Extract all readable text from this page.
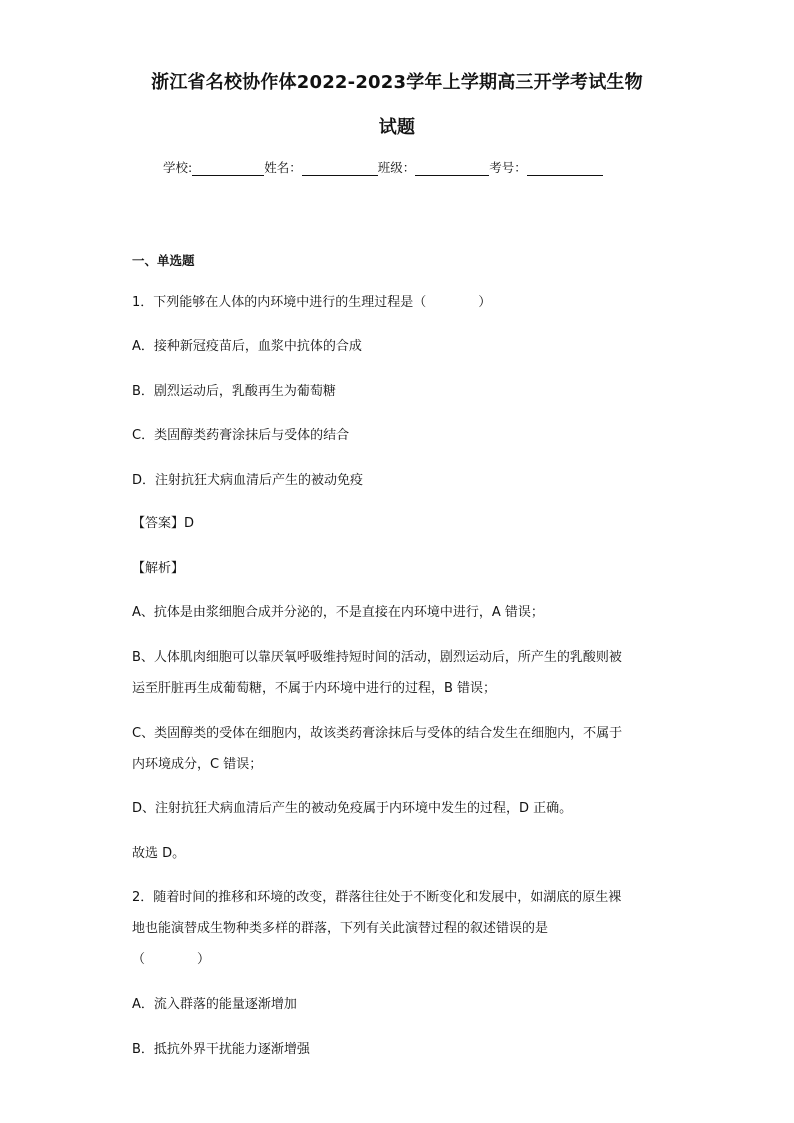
浙江省名校协作体2022-2023学年上学期高三开学考试生物
试题
学校:	姓名：	班级：	考号：
一、单选题
1．下列能够在人体的内环境中进行的生理过程是（　　　　）
A．接种新冠疫苗后，血浆中抗体的合成
B．剧烈运动后，乳酸再生为葡萄糖
C．类固醇类药膏涂抹后与受体的结合
D．注射抗狂犬病血清后产生的被动免疫
【答案】D
【解析】
A、抗体是由浆细胞合成并分泌的，不是直接在内环境中进行，A 错误；
B、人体肌肉细胞可以靠厌氧呼吸维持短时间的活动，剧烈运动后，所产生的乳酸则被
运至肝脏再生成葡萄糖，不属于内环境中进行的过程，B 错误；
C、类固醇类的受体在细胞内，故该类药膏涂抹后与受体的结合发生在细胞内，不属于
内环境成分，C 错误；
D、注射抗狂犬病血清后产生的被动免疫属于内环境中发生的过程，D 正确。
故选 D。
2．随着时间的推移和环境的改变，群落往往处于不断变化和发展中，如湖底的原生裸
地也能演替成生物种类多样的群落，下列有关此演替过程的叙述错误的是
（　　　　）
A．流入群落的能量逐渐增加
B．抵抗外界干扰能力逐渐增强
